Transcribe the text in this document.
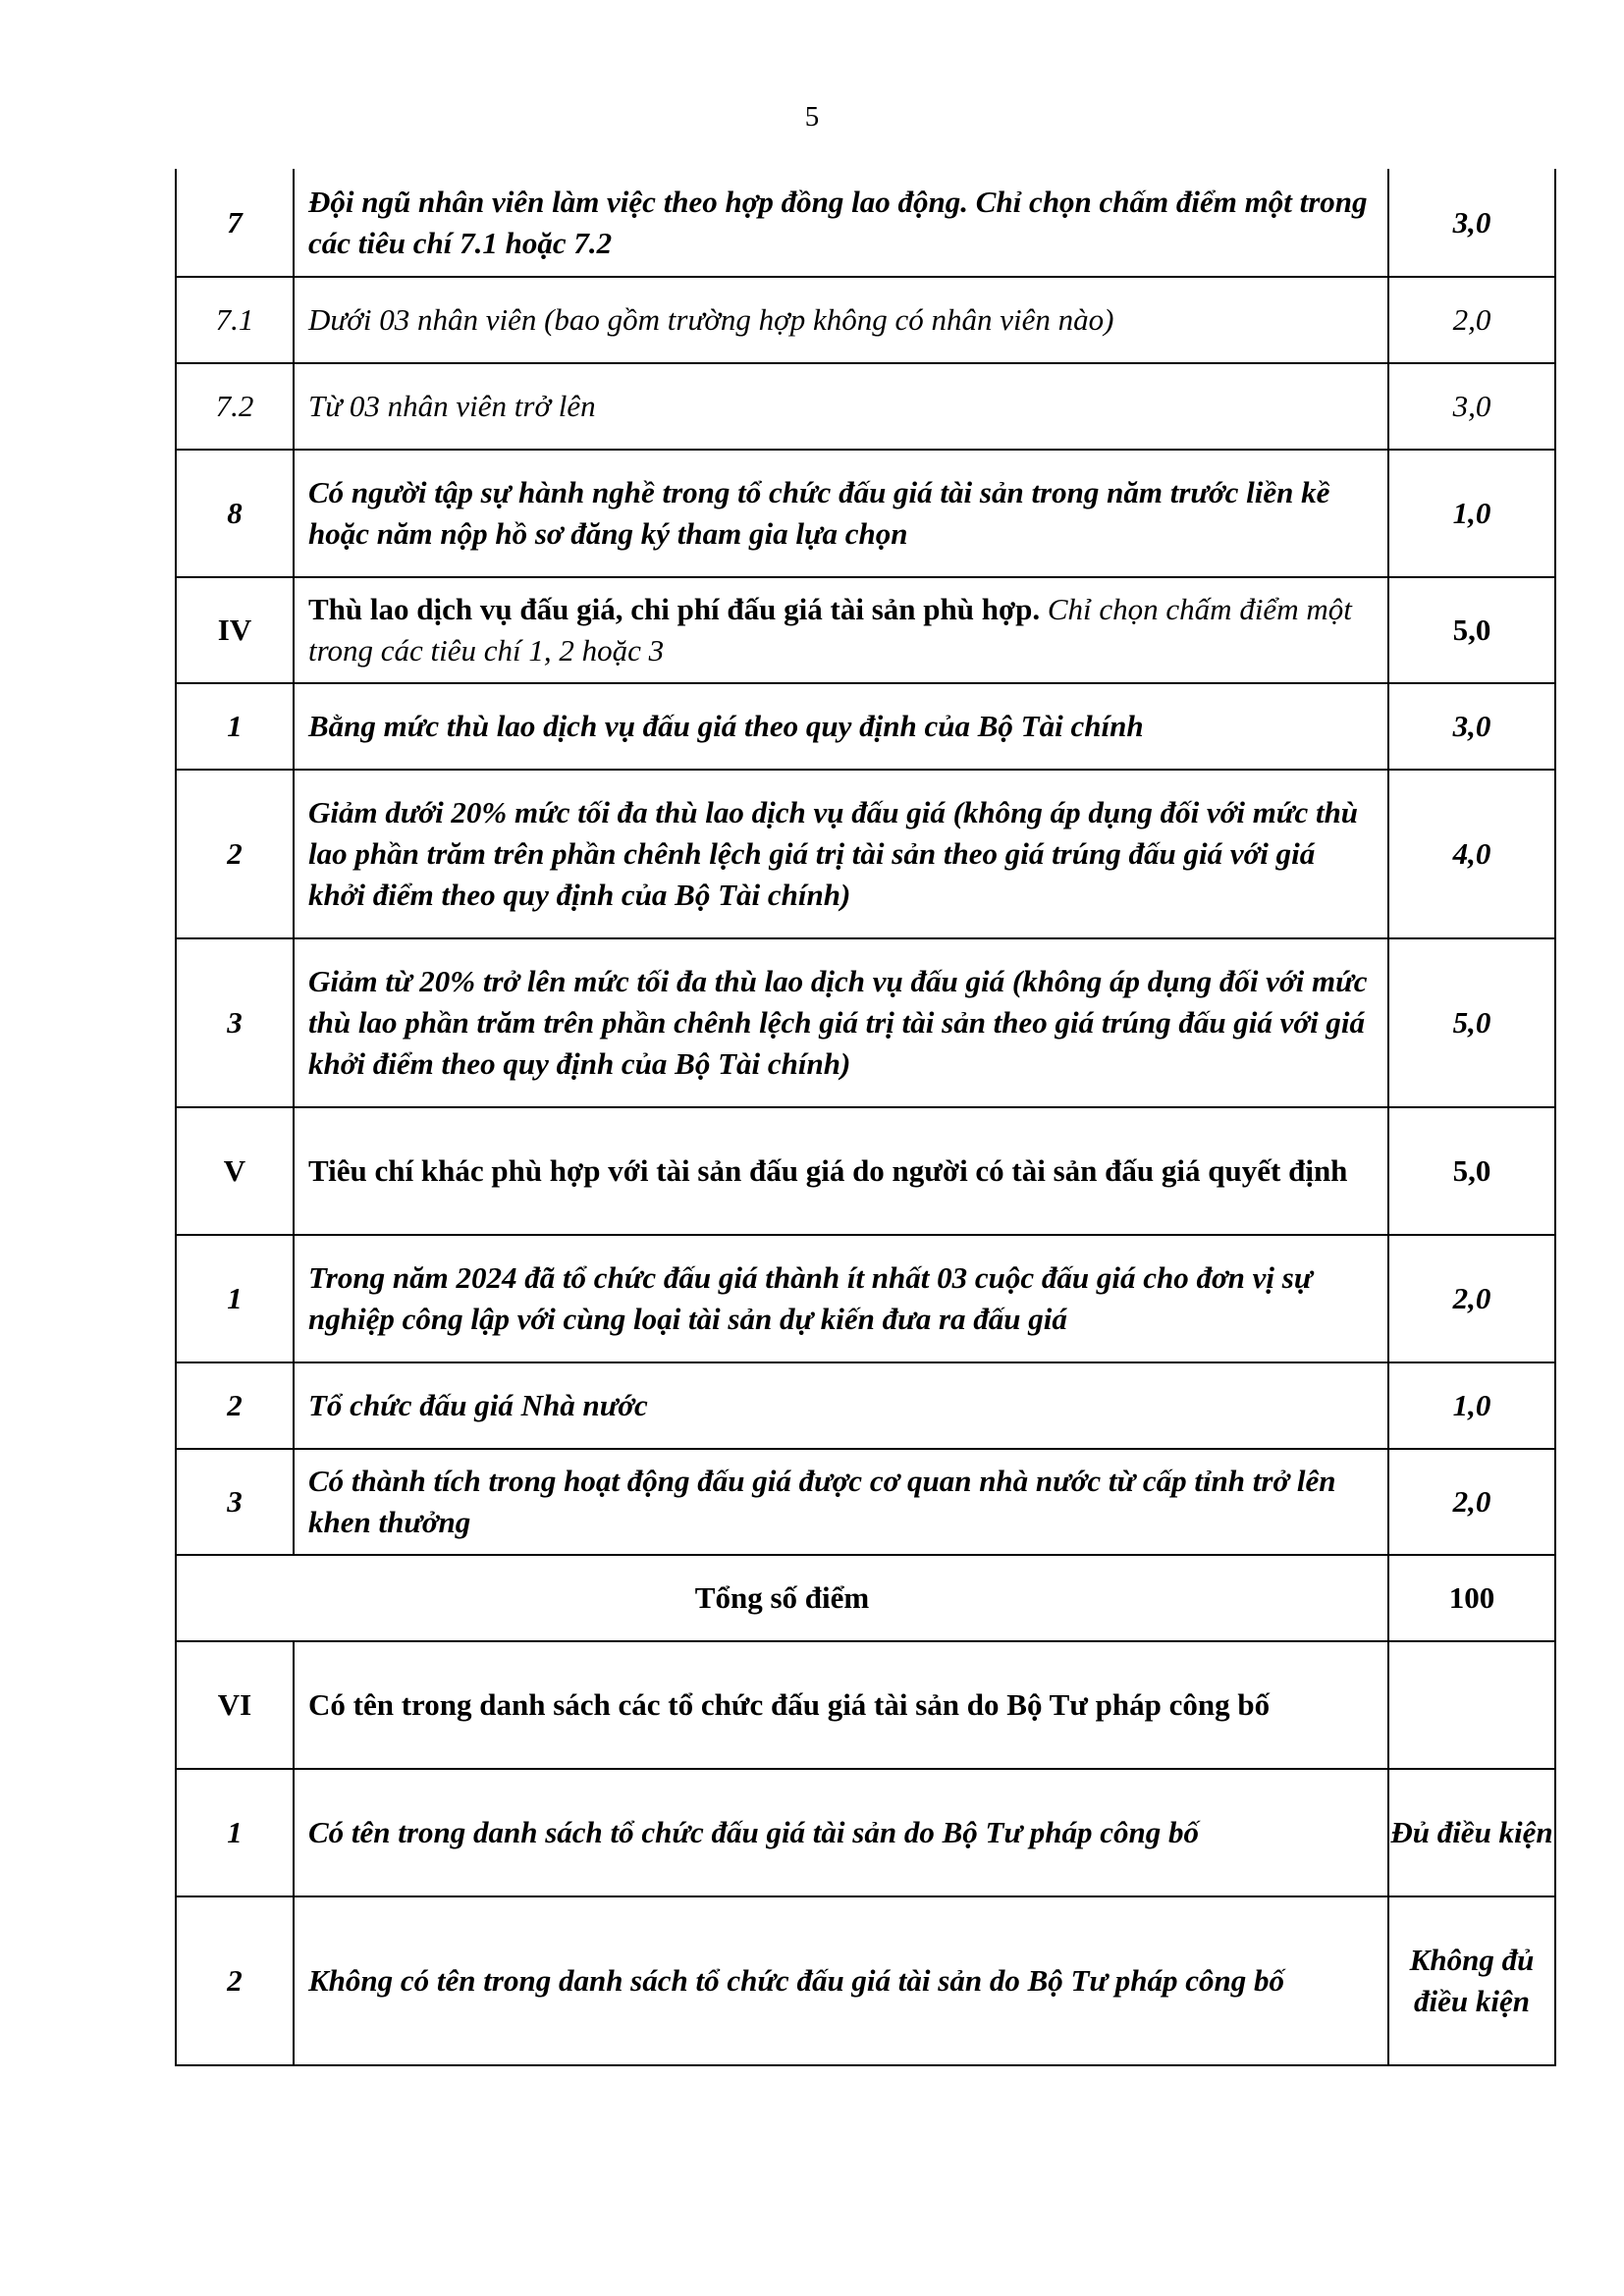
5
7	Đội ngũ nhân viên làm việc theo hợp đồng lao động. Chỉ chọn chấm điểm một trong các tiêu chí 7.1 hoặc 7.2	3,0
7.1	Dưới 03 nhân viên (bao gồm trường hợp không có nhân viên nào)	2,0
7.2	Từ 03 nhân viên trở lên	3,0
8	Có người tập sự hành nghề trong tổ chức đấu giá tài sản trong năm trước liền kề hoặc năm nộp hồ sơ đăng ký tham gia lựa chọn	1,0
IV	Thù lao dịch vụ đấu giá, chi phí đấu giá tài sản phù hợp. Chỉ chọn chấm điểm một trong các tiêu chí 1, 2 hoặc 3	5,0
1	Bằng mức thù lao dịch vụ đấu giá theo quy định của Bộ Tài chính	3,0
2	Giảm dưới 20% mức tối đa thù lao dịch vụ đấu giá (không áp dụng đối với mức thù lao phần trăm trên phần chênh lệch giá trị tài sản theo giá trúng đấu giá với giá khởi điểm theo quy định của Bộ Tài chính)	4,0
3	Giảm từ 20% trở lên mức tối đa thù lao dịch vụ đấu giá (không áp dụng đối với mức thù lao phần trăm trên phần chênh lệch giá trị tài sản theo giá trúng đấu giá với giá khởi điểm theo quy định của Bộ Tài chính)	5,0
V	Tiêu chí khác phù hợp với tài sản đấu giá do người có tài sản đấu giá quyết định	5,0
1	Trong năm 2024 đã tổ chức đấu giá thành ít nhất 03 cuộc đấu giá cho đơn vị sự nghiệp công lập với cùng loại tài sản dự kiến đưa ra đấu giá	2,0
2	Tổ chức đấu giá Nhà nước	1,0
3	Có thành tích trong hoạt động đấu giá được cơ quan nhà nước từ cấp tỉnh trở lên khen thưởng	2,0
Tổng số điểm		100
VI	Có tên trong danh sách các tổ chức đấu giá tài sản do Bộ Tư pháp công bố	
1	Có tên trong danh sách tổ chức đấu giá tài sản do Bộ Tư pháp công bố	Đủ điều kiện
2	Không có tên trong danh sách tổ chức đấu giá tài sản do Bộ Tư pháp công bố	Không đủ điều kiện
